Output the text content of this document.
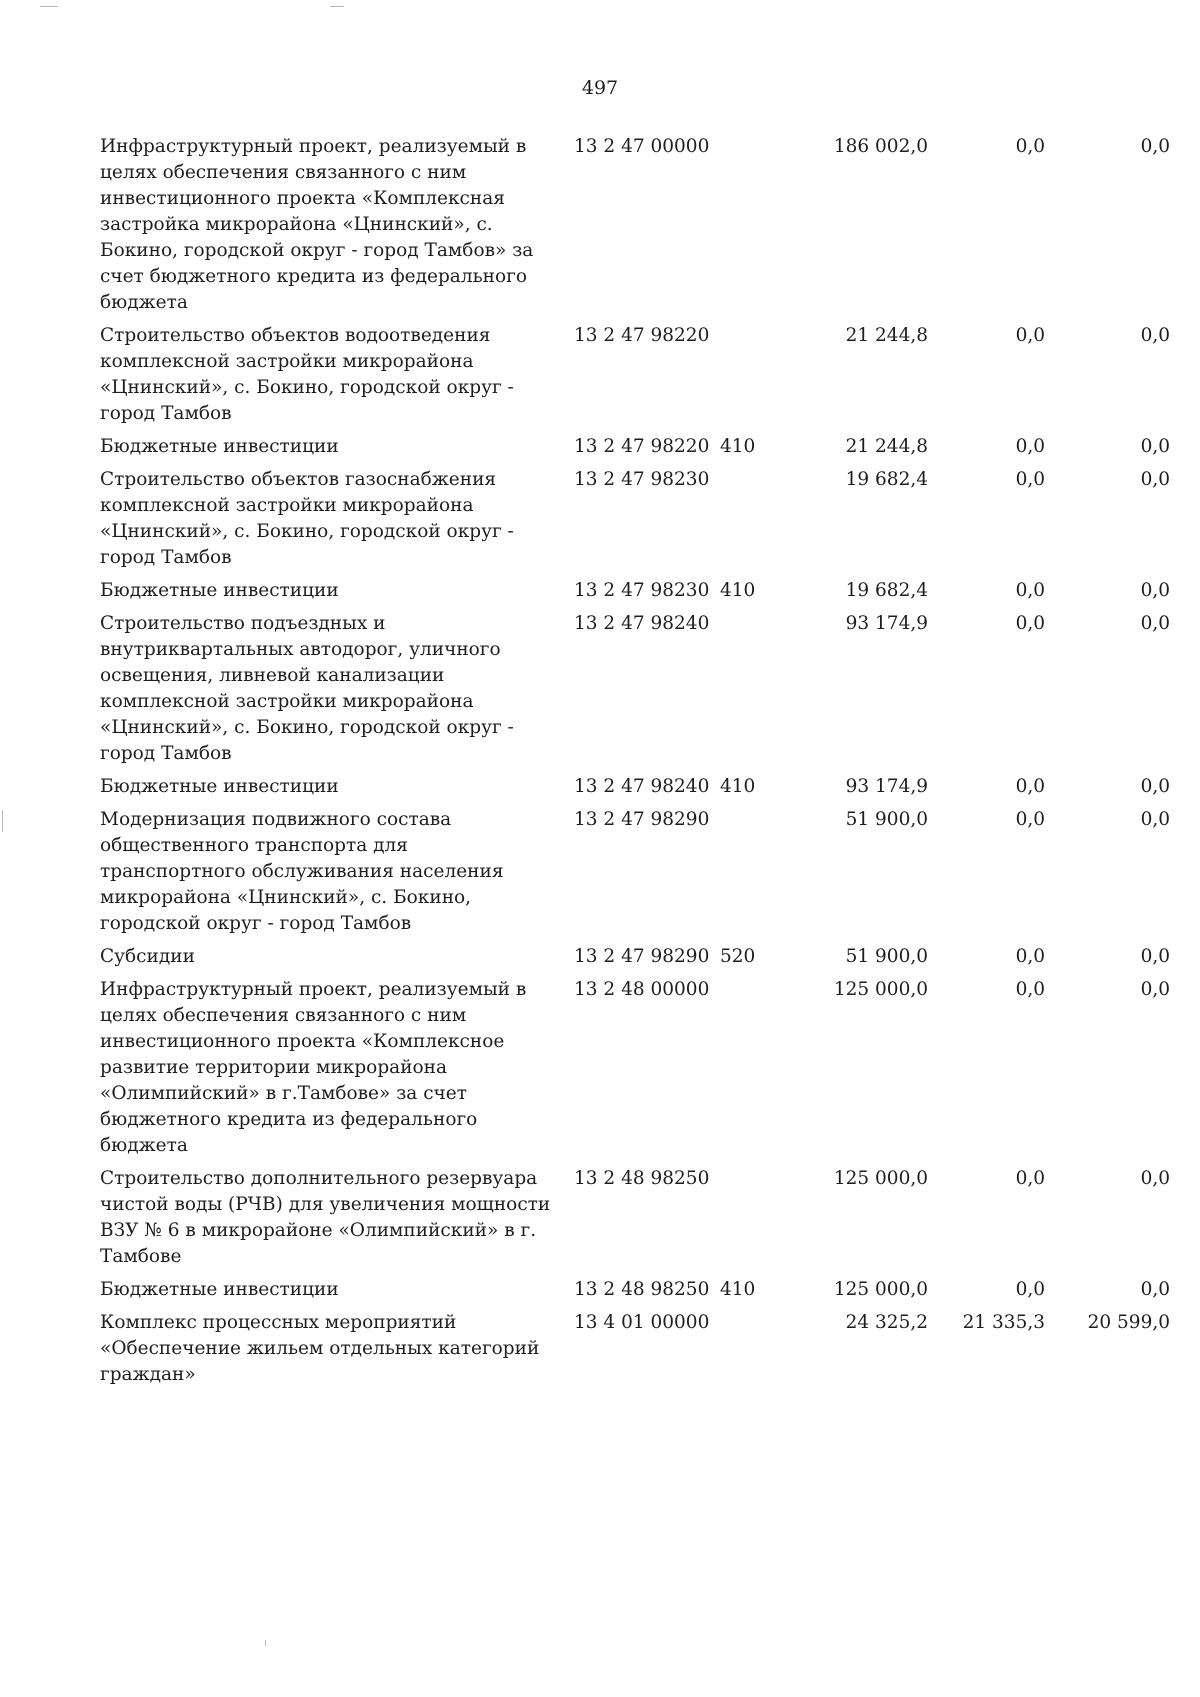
497
Инфраструктурный проект, реализуемый в целях обеспечения связанного с ним инвестиционного проекта «Комплексная застройка микрорайона «Цнинский», с. Бокино, городской округ - город Тамбов» за счет бюджетного кредита из федерального бюджета	13 2 47 00000		186 002,0	0,0	0,0
Строительство объектов водоотведения комплексной застройки микрорайона «Цнинский», с. Бокино, городской округ - город Тамбов	13 2 47 98220		21 244,8	0,0	0,0
Бюджетные инвестиции	13 2 47 98220	410	21 244,8	0,0	0,0
Строительство объектов газоснабжения комплексной застройки микрорайона «Цнинский», с. Бокино, городской округ - город Тамбов	13 2 47 98230		19 682,4	0,0	0,0
Бюджетные инвестиции	13 2 47 98230	410	19 682,4	0,0	0,0
Строительство подъездных и внутриквартальных автодорог, уличного освещения, ливневой канализации комплексной застройки микрорайона «Цнинский», с. Бокино, городской округ - город Тамбов	13 2 47 98240		93 174,9	0,0	0,0
Бюджетные инвестиции	13 2 47 98240	410	93 174,9	0,0	0,0
Модернизация подвижного состава общественного транспорта для транспортного обслуживания населения микрорайона «Цнинский», с. Бокино, городской округ - город Тамбов	13 2 47 98290		51 900,0	0,0	0,0
Субсидии	13 2 47 98290	520	51 900,0	0,0	0,0
Инфраструктурный проект, реализуемый в целях обеспечения связанного с ним инвестиционного проекта «Комплексное развитие территории микрорайона «Олимпийский» в г.Тамбове» за счет бюджетного кредита из федерального бюджета	13 2 48 00000		125 000,0	0,0	0,0
Строительство дополнительного резервуара чистой воды (РЧВ) для увеличения мощности ВЗУ № 6 в микрорайоне «Олимпийский» в г. Тамбове	13 2 48 98250		125 000,0	0,0	0,0
Бюджетные инвестиции	13 2 48 98250	410	125 000,0	0,0	0,0
Комплекс процессных мероприятий «Обеспечение жильем отдельных категорий граждан»	13 4 01 00000		24 325,2	21 335,3	20 599,0
